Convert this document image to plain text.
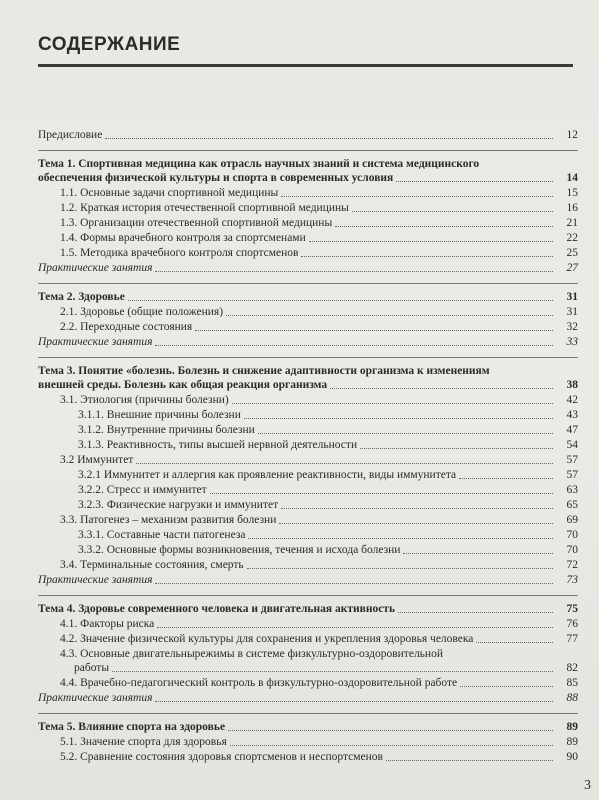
СОДЕРЖАНИЕ
Предисловие	12
Тема 1. Спортивная медицина как отрасль научных знаний и система медицинского
обеспечения физической культуры и спорта в современных условия	14
1.1. Основные задачи спортивной медицины	15
1.2. Краткая история отечественной спортивной медицины	16
1.3. Организации отечественной спортивной медицины	21
1.4. Формы врачебного контроля за спортсменами	22
1.5. Методика врачебного контроля спортсменов	25
Практические занятия	27
Тема 2. Здоровье	31
2.1. Здоровье (общие положения)	31
2.2. Переходные состояния	32
Практические занятия	33
Тема 3. Понятие «болезнь. Болезнь и снижение адаптивности организма к изменениям
внешней среды. Болезнь как общая реакция организма	38
3.1. Этиология (причины болезни)	42
3.1.1. Внешние причины болезни	43
3.1.2. Внутренние причины болезни	47
3.1.3. Реактивность, типы высшей нервной деятельности	54
3.2 Иммунитет	57
3.2.1 Иммунитет и аллергия как проявление реактивности, виды иммунитета	57
3.2.2. Стресс и иммунитет	63
3.2.3. Физические нагрузки и иммунитет	65
3.3. Патогенез – механизм развития болезни	69
3.3.1. Составные части патогенеза	70
3.3.2. Основные формы возникновения, течения и исхода болезни	70
3.4. Терминальные состояния, смерть	72
Практические занятия	73
Тема 4. Здоровье современного человека и двигательная активность	75
4.1. Факторы риска	76
4.2. Значение физической культуры для сохранения и укрепления здоровья человека	77
4.3. Основные двигательнырежимы в системе физкультурно-оздоровительной
работы	82
4.4. Врачебно-педагогический контроль в физкультурно-оздоровительной работе	85
Практические занятия	88
Тема 5. Влияние спорта на здоровье	89
5.1. Значение спорта для здоровья	89
5.2. Сравнение состояния здоровья спортсменов и неспортсменов	90
3
